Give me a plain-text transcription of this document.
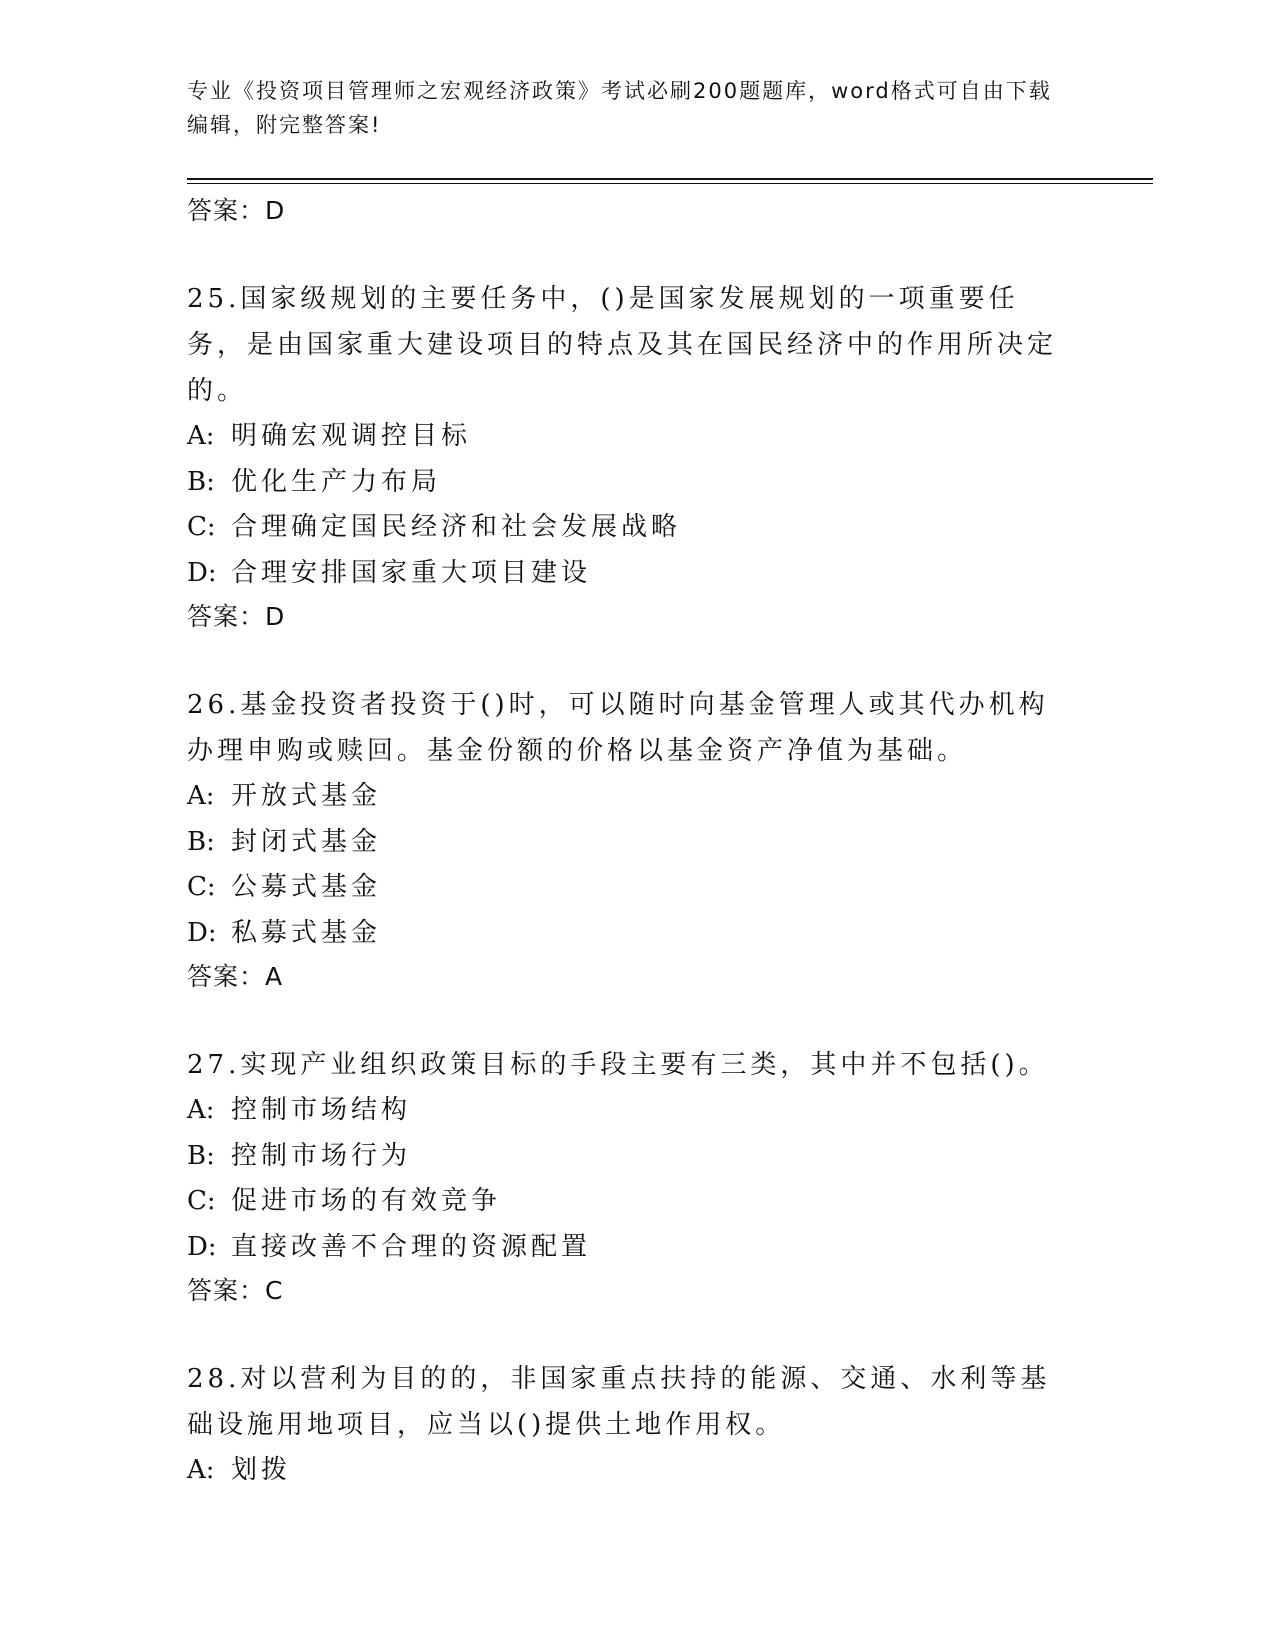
专业《投资项目管理师之宏观经济政策》考试必刷200题题库，word格式可自由下载编辑，附完整答案!
答案：D
25.国家级规划的主要任务中，()是国家发展规划的一项重要任务，是由国家重大建设项目的特点及其在国民经济中的作用所决定的。
A: 明确宏观调控目标
B: 优化生产力布局
C: 合理确定国民经济和社会发展战略
D: 合理安排国家重大项目建设
答案：D
26.基金投资者投资于()时，可以随时向基金管理人或其代办机构办理申购或赎回。基金份额的价格以基金资产净值为基础。
A: 开放式基金
B: 封闭式基金
C: 公募式基金
D: 私募式基金
答案：A
27.实现产业组织政策目标的手段主要有三类，其中并不包括()。
A: 控制市场结构
B: 控制市场行为
C: 促进市场的有效竞争
D: 直接改善不合理的资源配置
答案：C
28.对以营利为目的的，非国家重点扶持的能源、交通、水利等基础设施用地项目，应当以()提供土地作用权。
A: 划拨
